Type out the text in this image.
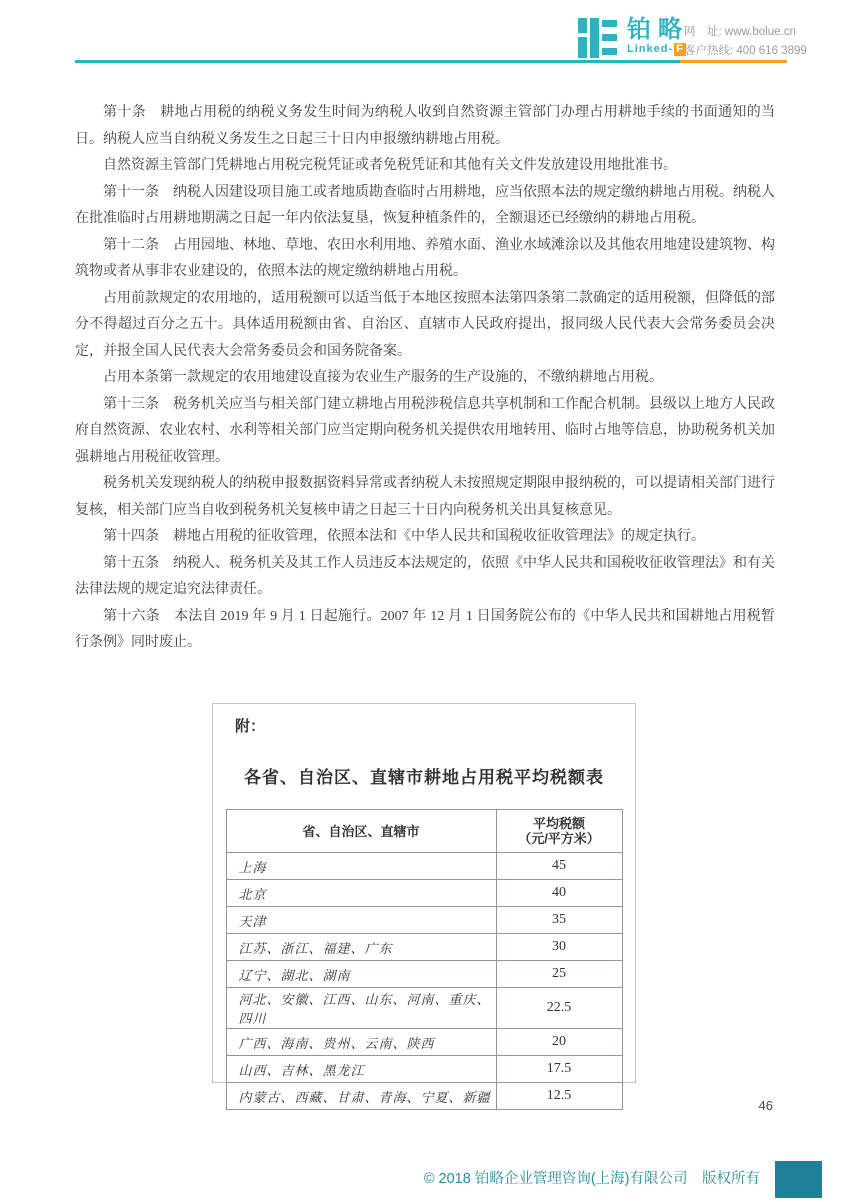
铂略
Linked- F
网　址: www.bolue.cn
客户热线: 400 616 3899

第十条　耕地占用税的纳税义务发生时间为纳税人收到自然资源主管部门办理占用耕地手续的书面通知的当日。纳税人应当自纳税义务发生之日起三十日内申报缴纳耕地占用税。

自然资源主管部门凭耕地占用税完税凭证或者免税凭证和其他有关文件发放建设用地批准书。

第十一条　纳税人因建设项目施工或者地质勘查临时占用耕地，应当依照本法的规定缴纳耕地占用税。纳税人在批准临时占用耕地期满之日起一年内依法复垦，恢复种植条件的，全额退还已经缴纳的耕地占用税。

第十二条　占用园地、林地、草地、农田水利用地、养殖水面、渔业水域滩涂以及其他农用地建设建筑物、构筑物或者从事非农业建设的，依照本法的规定缴纳耕地占用税。

占用前款规定的农用地的，适用税额可以适当低于本地区按照本法第四条第二款确定的适用税额，但降低的部分不得超过百分之五十。具体适用税额由省、自治区、直辖市人民政府提出，报同级人民代表大会常务委员会决定，并报全国人民代表大会常务委员会和国务院备案。

占用本条第一款规定的农用地建设直接为农业生产服务的生产设施的，不缴纳耕地占用税。

第十三条　税务机关应当与相关部门建立耕地占用税涉税信息共享机制和工作配合机制。县级以上地方人民政府自然资源、农业农村、水利等相关部门应当定期向税务机关提供农用地转用、临时占地等信息，协助税务机关加强耕地占用税征收管理。

税务机关发现纳税人的纳税申报数据资料异常或者纳税人未按照规定期限申报纳税的，可以提请相关部门进行复核，相关部门应当自收到税务机关复核申请之日起三十日内向税务机关出具复核意见。

第十四条　耕地占用税的征收管理，依照本法和《中华人民共和国税收征收管理法》的规定执行。

第十五条　纳税人、税务机关及其工作人员违反本法规定的，依照《中华人民共和国税收征收管理法》和有关法律法规的规定追究法律责任。

第十六条　本法自 2019 年 9 月 1 日起施行。2007 年 12 月 1 日国务院公布的《中华人民共和国耕地占用税暂行条例》同时废止。

附：
各省、自治区、直辖市耕地占用税平均税额表
省、自治区、直辖市	平均税额
（元/平方米）

上海	45
北京	40
天津	35
江苏、浙江、福建、广东	30
辽宁、湖北、湖南	25
河北、安徽、江西、山东、河南、重庆、四川	22.5
广西、海南、贵州、云南、陕西	20
山西、吉林、黑龙江	17.5
内蒙古、西藏、甘肃、青海、宁夏、新疆	12.5
46
© 2018 铂略企业管理咨询(上海)有限公司　版权所有
